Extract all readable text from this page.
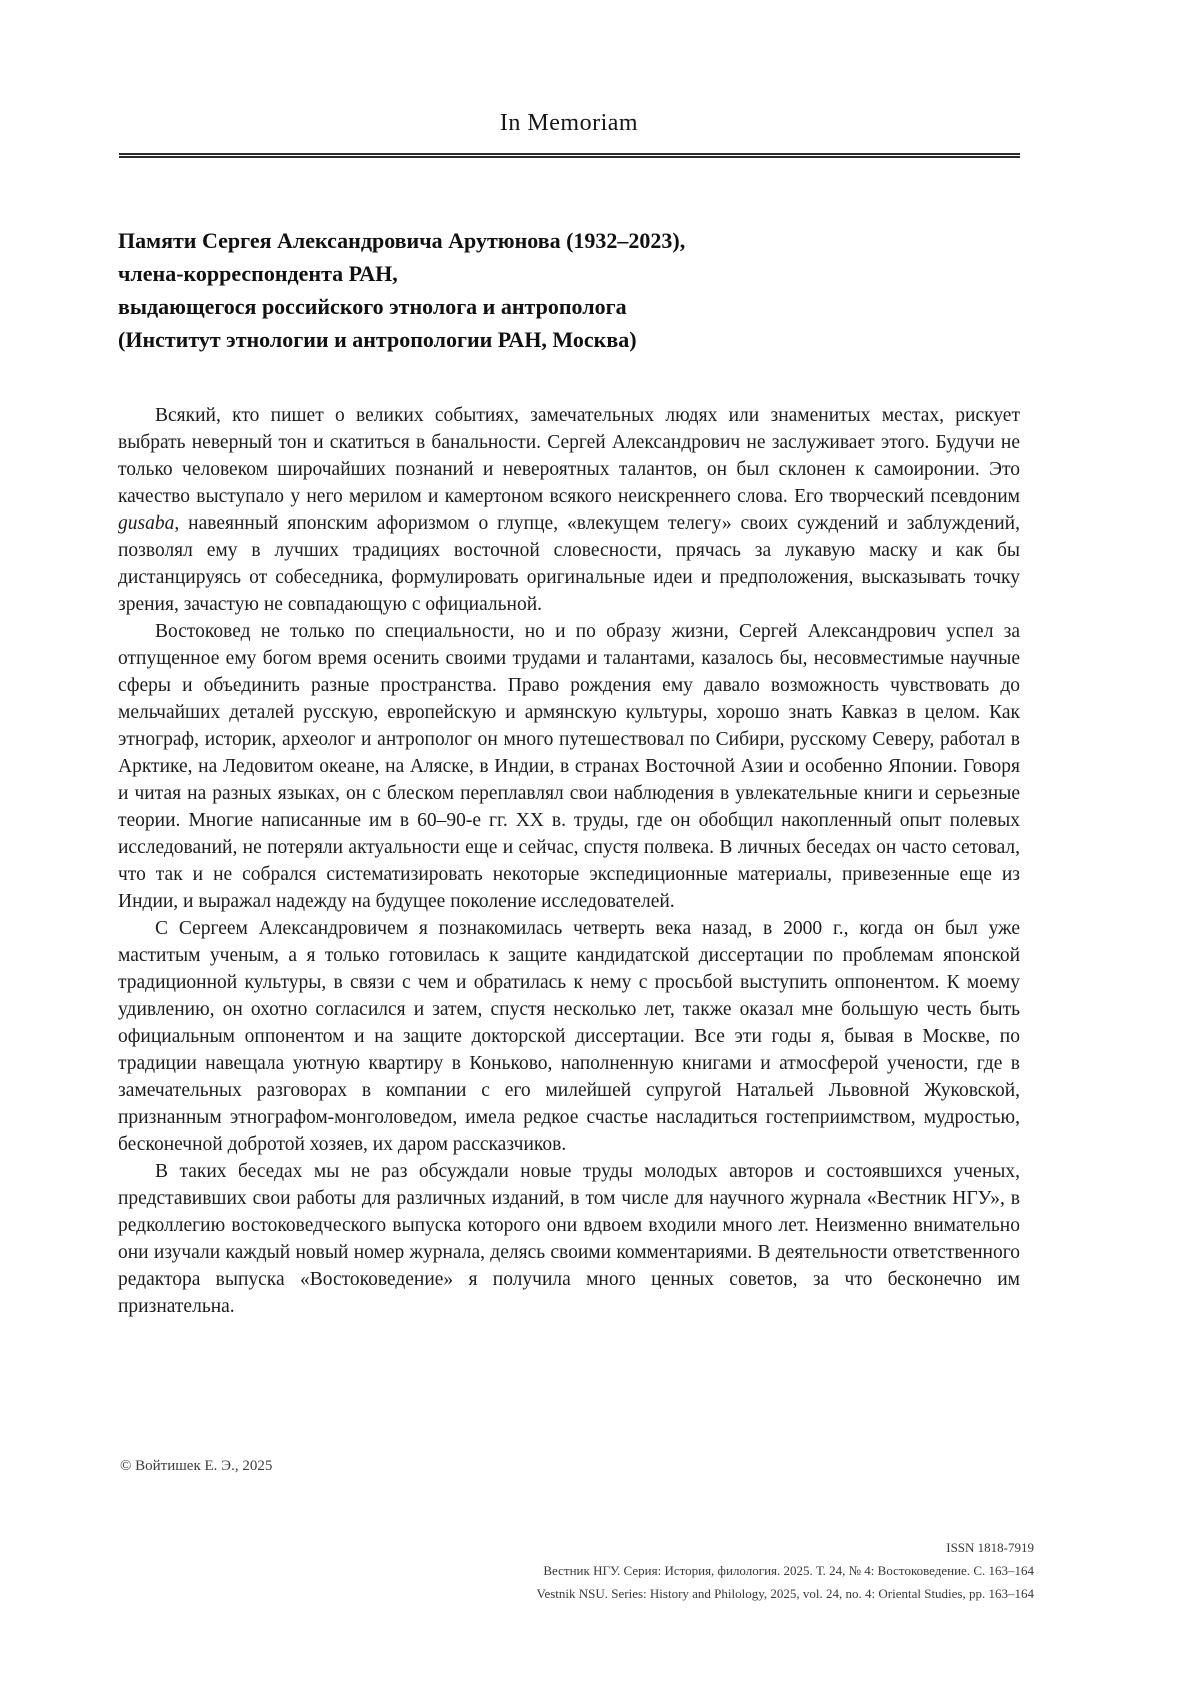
In Memoriam
Памяти Сергея Александровича Арутюнова (1932–2023),
члена-корреспондента РАН,
выдающегося российского этнолога и антрополога
(Институт этнологии и антропологии РАН, Москва)

Всякий, кто пишет о великих событиях, замечательных людях или знаменитых местах, рискует выбрать неверный тон и скатиться в банальности. Сергей Александрович не заслуживает этого. Будучи не только человеком широчайших познаний и невероятных талантов, он был склонен к самоиронии. Это качество выступало у него мерилом и камертоном всякого неискреннего слова. Его творческий псевдоним gusaba, навеянный японским афоризмом о глупце, «влекущем телегу» своих суждений и заблуждений, позволял ему в лучших традициях восточной словесности, прячась за лукавую маску и как бы дистанцируясь от собеседника, формулировать оригинальные идеи и предположения, высказывать точку зрения, зачастую не совпадающую с официальной.

Востоковед не только по специальности, но и по образу жизни, Сергей Александрович успел за отпущенное ему богом время осенить своими трудами и талантами, казалось бы, несовместимые научные сферы и объединить разные пространства. Право рождения ему давало возможность чувствовать до мельчайших деталей русскую, европейскую и армянскую культуры, хорошо знать Кавказ в целом. Как этнограф, историк, археолог и антрополог он много путешествовал по Сибири, русскому Северу, работал в Арктике, на Ледовитом океане, на Аляске, в Индии, в странах Восточной Азии и особенно Японии. Говоря и читая на разных языках, он с блеском переплавлял свои наблюдения в увлекательные книги и серьезные теории. Многие написанные им в 60–90-е гг. XX в. труды, где он обобщил накопленный опыт полевых исследований, не потеряли актуальности еще и сейчас, спустя полвека. В личных беседах он часто сетовал, что так и не собрался систематизировать некоторые экспедиционные материалы, привезенные еще из Индии, и выражал надежду на будущее поколение исследователей.

С Сергеем Александровичем я познакомилась четверть века назад, в 2000 г., когда он был уже маститым ученым, а я только готовилась к защите кандидатской диссертации по проблемам японской традиционной культуры, в связи с чем и обратилась к нему с просьбой выступить оппонентом. К моему удивлению, он охотно согласился и затем, спустя несколько лет, также оказал мне большую честь быть официальным оппонентом и на защите докторской диссертации. Все эти годы я, бывая в Москве, по традиции навещала уютную квартиру в Коньково, наполненную книгами и атмосферой учености, где в замечательных разговорах в компании с его милейшей супругой Натальей Львовной Жуковской, признанным этнографом-монголоведом, имела редкое счастье насладиться гостеприимством, мудростью, бесконечной добротой хозяев, их даром рассказчиков.

В таких беседах мы не раз обсуждали новые труды молодых авторов и состоявшихся ученых, представивших свои работы для различных изданий, в том числе для научного журнала «Вестник НГУ», в редколлегию востоковедческого выпуска которого они вдвоем входили много лет. Неизменно внимательно они изучали каждый новый номер журнала, делясь своими комментариями. В деятельности ответственного редактора выпуска «Востоковедение» я получила много ценных советов, за что бесконечно им признательна.

© Войтишек Е. Э., 2025
ISSN 1818-7919
Вестник НГУ. Серия: История, филология. 2025. Т. 24, № 4: Востоковедение. С. 163–164
Vestnik NSU. Series: History and Philology, 2025, vol. 24, no. 4: Oriental Studies, pp. 163–164
